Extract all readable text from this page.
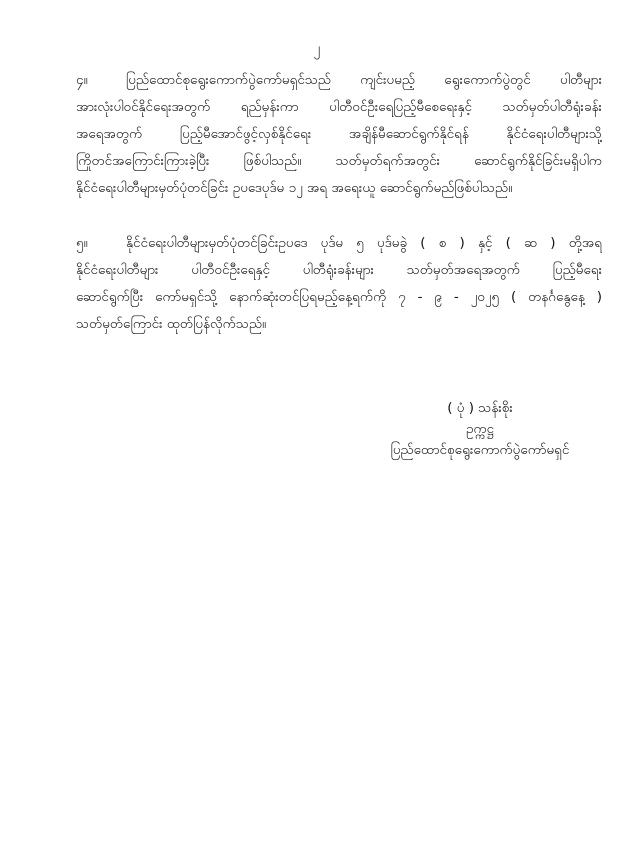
၂
၄။	ပြည်ထောင်စုရွေးကောက်ပွဲကော်မရှင်သည် ကျင်းပမည့် ရွေးကောက်ပွဲတွင် ပါတီများ
အားလုံးပါဝင်နိုင်ရေးအတွက် ရည်မှန်းကာ ပါတီဝင်ဦးရေပြည့်မီစေရေးနှင့် သတ်မှတ်ပါတီရုံးခန်း
အရေအတွက် ပြည့်မီအောင်ဖွင့်လှစ်နိုင်ရေး အချိန်မီဆောင်ရွက်နိုင်ရန် နိုင်ငံရေးပါတီများသို့
ကြိုတင်အကြောင်းကြားခဲ့ပြီး ဖြစ်ပါသည်။ သတ်မှတ်ရက်အတွင်း ဆောင်ရွက်နိုင်ခြင်းမရှိပါက
နိုင်ငံရေးပါတီများမှတ်ပုံတင်ခြင်း ဥပဒေပုဒ်မ ၁၂ အရ အရေးယူ ဆောင်ရွက်မည်ဖြစ်ပါသည်။
၅။	နိုင်ငံရေးပါတီများမှတ်ပုံတင်ခြင်းဥပဒေ ပုဒ်မ ၅ ပုဒ်မခွဲ ( စ ) နှင့် ( ဆ ) တို့အရ
နိုင်ငံရေးပါတီများ ပါတီဝင်ဦးရေနှင့် ပါတီရုံးခန်းများ သတ်မှတ်အရေအတွက် ပြည့်မီရေး
ဆောင်ရွက်ပြီး ကော်မရှင်သို့ နောက်ဆုံးတင်ပြရမည့်နေ့ရက်ကို ၇ - ၉ - ၂၀၂၅ ( တနင်္ဂနွေနေ့ )
သတ်မှတ်ကြောင်း ထုတ်ပြန်လိုက်သည်။
( ပုံ ) သန်းစိုး
ဥက္ကဋ္ဌ
ပြည်ထောင်စုရွေးကောက်ပွဲကော်မရှင်
